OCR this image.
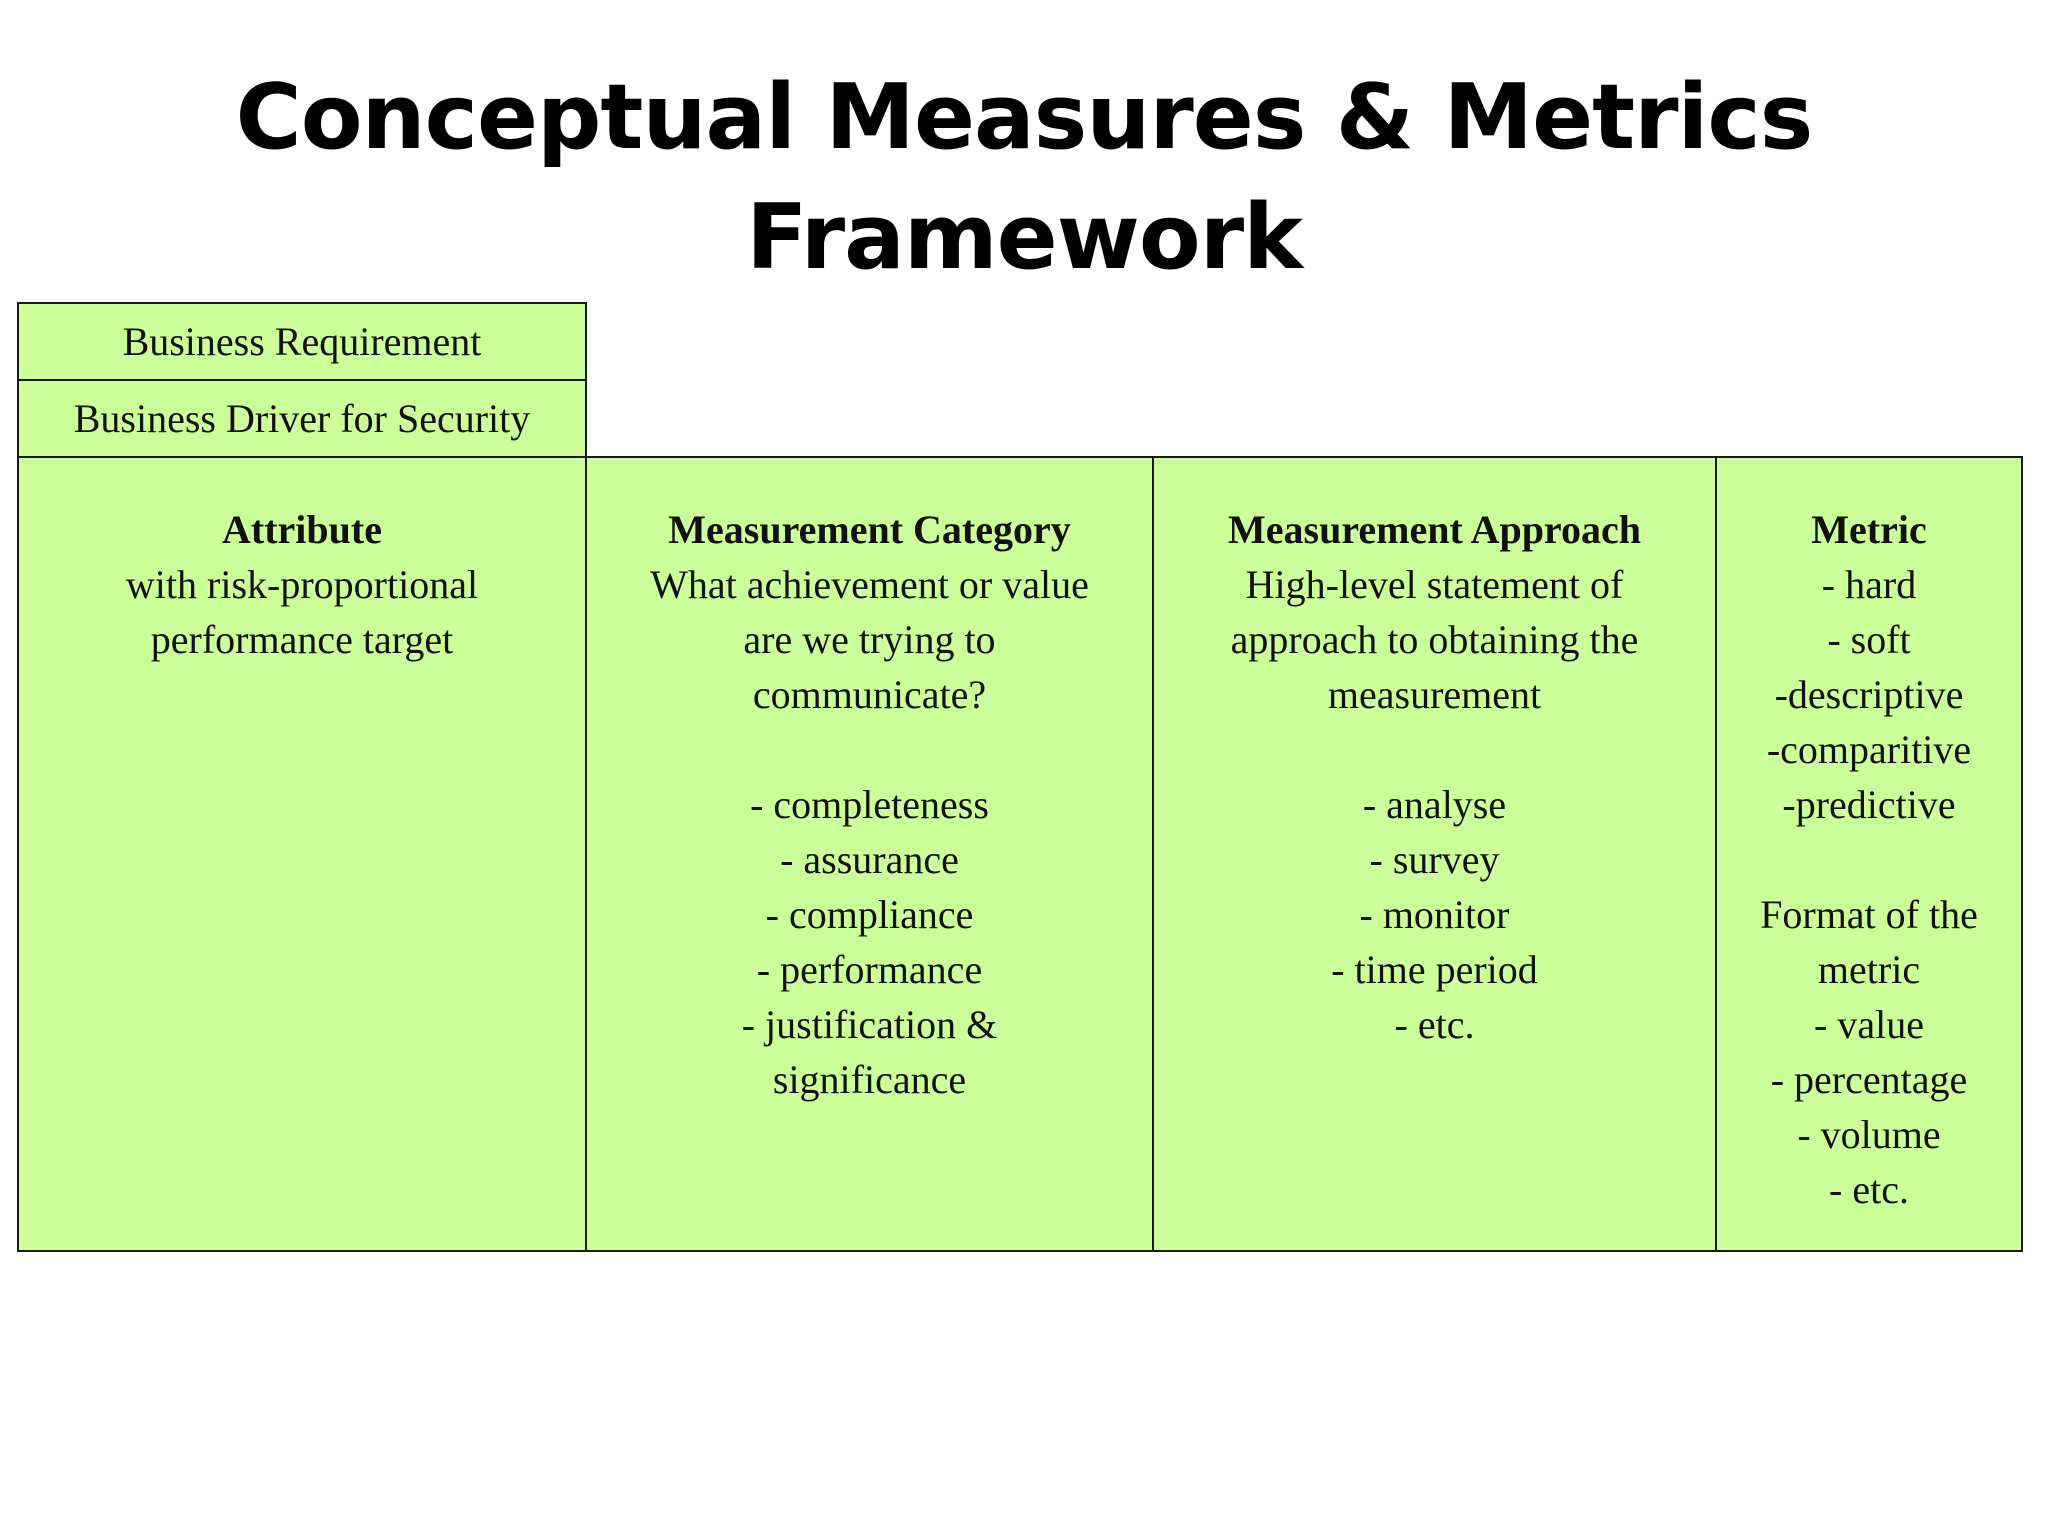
Conceptual Measures & Metrics Framework
Business Requirement
Business Driver for Security
Attribute
with risk-proportional
performance target
Measurement Category
What achievement or value
are we trying to
communicate?
- completeness
- assurance
- compliance
- performance
- justification &
significance
Measurement Approach
High-level statement of
approach to obtaining the
measurement
- analyse
- survey
- monitor
- time period
- etc.
Metric
- hard
- soft
-descriptive
-comparitive
-predictive
Format of the
metric
- value
- percentage
- volume
- etc.
